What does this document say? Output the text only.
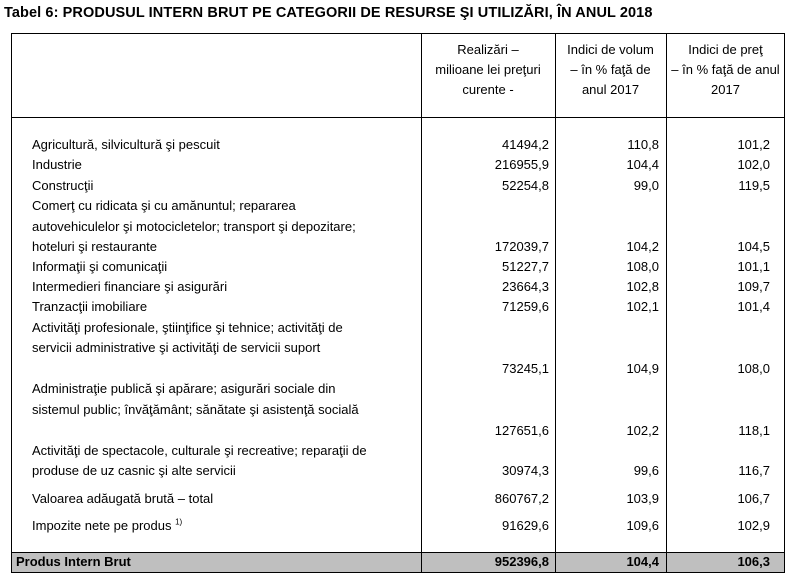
Tabel 6: PRODUSUL INTERN BRUT PE CATEGORII DE RESURSE ŞI UTILIZĂRI, ÎN ANUL 2018
Realizări –
milioane lei preţuri
curente -
Indici de volum
– în % faţă de
anul 2017
Indici de preţ
– în % faţă de anul
2017
Agricultură, silvicultură şi pescuit	41494,2	110,8	101,2
Industrie	216955,9	104,4	102,0
Construcţii	52254,8	99,0	119,5
Comerţ cu ridicata şi cu amănuntul; repararea
autovehiculelor şi motocicletelor; transport şi depozitare;
hoteluri şi restaurante	172039,7	104,2	104,5
Informaţii şi comunicaţii	51227,7	108,0	101,1
Intermedieri financiare şi asigurări	23664,3	102,8	109,7
Tranzacţii imobiliare	71259,6	102,1	101,4
Activităţi profesionale, ştiinţifice şi tehnice; activităţi de
servicii administrative şi activităţi de servicii suport
73245,1	104,9	108,0
Administraţie publică şi apărare; asigurări sociale din
sistemul public; învăţământ; sănătate şi asistenţă socială
127651,6	102,2	118,1
Activităţi de spectacole, culturale şi recreative; reparaţii de
produse de uz casnic şi alte servicii	30974,3	99,6	116,7
Valoarea adăugată brută – total	860767,2	103,9	106,7
Impozite nete pe produs $^{1)}$	91629,6	109,6	102,9
Produs Intern Brut	952396,8	104,4	106,3
